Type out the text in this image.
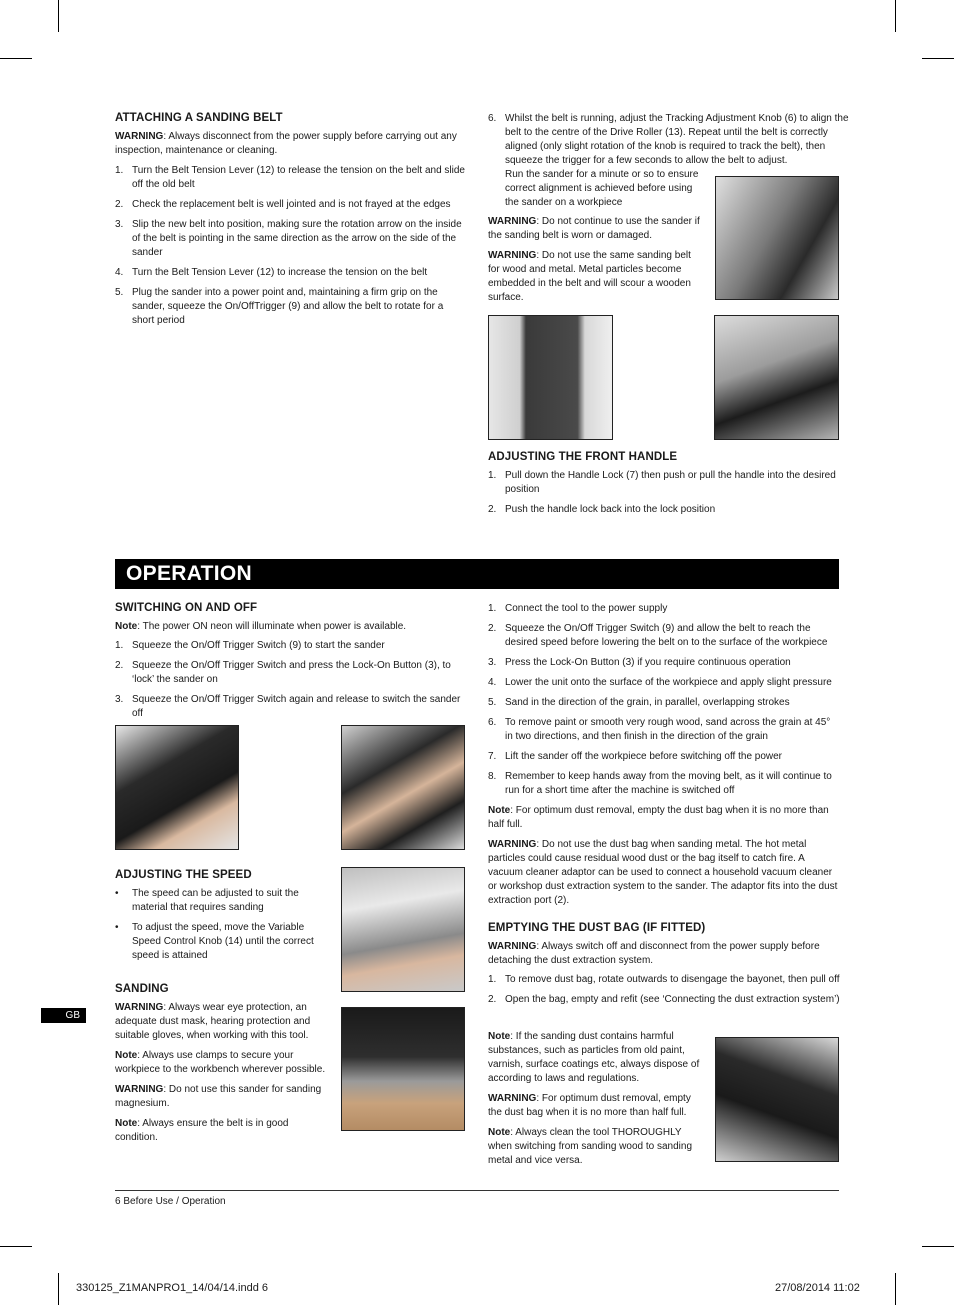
ATTACHING A SANDING BELT
WARNING: Always disconnect from the power supply before carrying out any inspection, maintenance or cleaning.
1. Turn the Belt Tension Lever (12) to release the tension on the belt and slide off the old belt
2. Check the replacement belt is well jointed and is not frayed at the edges
3. Slip the new belt into position, making sure the rotation arrow on the inside of the belt is pointing in the same direction as the arrow on the side of the sander
4. Turn the Belt Tension Lever (12) to increase the tension on the belt
5. Plug the sander into a power point and, maintaining a firm grip on the sander, squeeze the On/OffTrigger (9) and allow the belt to rotate for a short period
6. Whilst the belt is running, adjust the Tracking Adjustment Knob (6) to align the belt to the centre of the Drive Roller (13). Repeat until the belt is correctly aligned (only slight rotation of the knob is required to track the belt), then squeeze the trigger for a few seconds to allow the belt to adjust.
Run the sander for a minute or so to ensure correct alignment is achieved before using the sander on a workpiece
WARNING: Do not continue to use the sander if the sanding belt is worn or damaged.
WARNING: Do not use the same sanding belt for wood and metal. Metal particles become embedded in the belt and will scour a wooden surface.
ADJUSTING THE FRONT HANDLE
1. Pull down the Handle Lock (7) then push or pull the handle into the desired position
2. Push the handle lock back into the lock position
OPERATION
SWITCHING ON AND OFF
Note: The power ON neon will illuminate when power is available.
1. Squeeze the On/Off Trigger Switch (9) to start the sander
2. Squeeze the On/Off Trigger Switch and press the Lock-On Button (3), to ‘lock’ the sander on
3. Squeeze the On/Off Trigger Switch again and release to switch the sander off
ADJUSTING THE SPEED
• The speed can be adjusted to suit the material that requires sanding
• To adjust the speed, move the Variable Speed Control Knob (14) until the correct speed is attained
SANDING
WARNING: Always wear eye protection, an adequate dust mask, hearing protection and suitable gloves, when working with this tool.
Note: Always use clamps to secure your workpiece to the workbench wherever possible.
WARNING: Do not use this sander for sanding magnesium.
Note: Always ensure the belt is in good condition.
1. Connect the tool to the power supply
2. Squeeze the On/Off Trigger Switch (9) and allow the belt to reach the desired speed before lowering the belt on to the surface of the workpiece
3. Press the Lock-On Button (3) if you require continuous operation
4. Lower the unit onto the surface of the workpiece and apply slight pressure
5. Sand in the direction of the grain, in parallel, overlapping strokes
6. To remove paint or smooth very rough wood, sand across the grain at 45° in two directions, and then finish in the direction of the grain
7. Lift the sander off the workpiece before switching off the power
8. Remember to keep hands away from the moving belt, as it will continue to run for a short time after the machine is switched off
Note: For optimum dust removal, empty the dust bag when it is no more than half full.
WARNING: Do not use the dust bag when sanding metal. The hot metal particles could cause residual wood dust or the bag itself to catch fire. A vacuum cleaner adaptor can be used to connect a household vacuum cleaner or workshop dust extraction system to the sander. The adaptor fits into the dust extraction port (2).
EMPTYING THE DUST BAG (IF FITTED)
WARNING: Always switch off and disconnect from the power supply before detaching the dust extraction system.
1. To remove dust bag, rotate outwards to disengage the bayonet, then pull off
2. Open the bag, empty and refit (see ‘Connecting the dust extraction system’)
Note: If the sanding dust contains harmful substances, such as particles from old paint, varnish, surface coatings etc, always dispose of according to laws and regulations.
WARNING: For optimum dust removal, empty the dust bag when it is no more than half full.
Note: Always clean the tool THOROUGHLY when switching from sanding wood to sanding metal and vice versa.
GB
6 Before Use / Operation
330125_Z1MANPRO1_14/04/14.indd 6	27/08/2014 11:02
